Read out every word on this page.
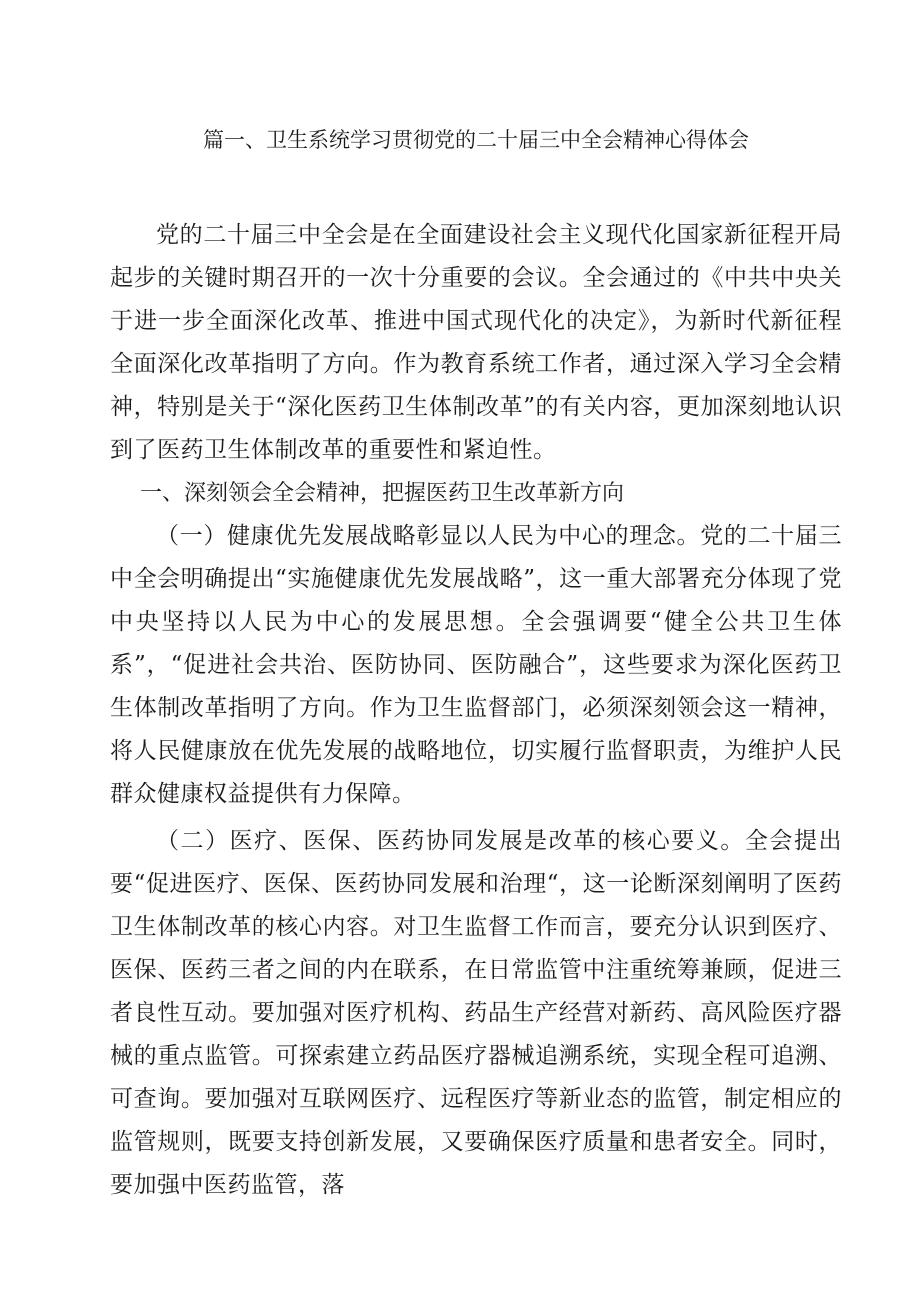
篇一、卫生系统学习贯彻党的二十届三中全会精神心得体会

党的二十届三中全会是在全面建设社会主义现代化国家新征程开局起步的关键时期召开的一次十分重要的会议。全会通过的《中共中央关于进一步全面深化改革、推进中国式现代化的决定》，为新时代新征程全面深化改革指明了方向。作为教育系统工作者，通过深入学习全会精神，特别是关于“深化医药卫生体制改革”的有关内容，更加深刻地认识到了医药卫生体制改革的重要性和紧迫性。

一、深刻领会全会精神，把握医药卫生改革新方向

（一）健康优先发展战略彰显以人民为中心的理念。党的二十届三中全会明确提出“实施健康优先发展战略”，这一重大部署充分体现了党中央坚持以人民为中心的发展思想。全会强调要“健全公共卫生体系”，“促进社会共治、医防协同、医防融合”，这些要求为深化医药卫生体制改革指明了方向。作为卫生监督部门，必须深刻领会这一精神，将人民健康放在优先发展的战略地位，切实履行监督职责，为维护人民群众健康权益提供有力保障。

（二）医疗、医保、医药协同发展是改革的核心要义。全会提出要“促进医疗、医保、医药协同发展和治理“，这一论断深刻阐明了医药卫生体制改革的核心内容。对卫生监督工作而言，要充分认识到医疗、医保、医药三者之间的内在联系，在日常监管中注重统筹兼顾，促进三者良性互动。要加强对医疗机构、药品生产经营对新药、高风险医疗器械的重点监管。可探索建立药品医疗器械追溯系统，实现全程可追溯、可查询。要加强对互联网医疗、远程医疗等新业态的监管，制定相应的监管规则，既要支持创新发展，又要确保医疗质量和患者安全。同时，要加强中医药监管，落
